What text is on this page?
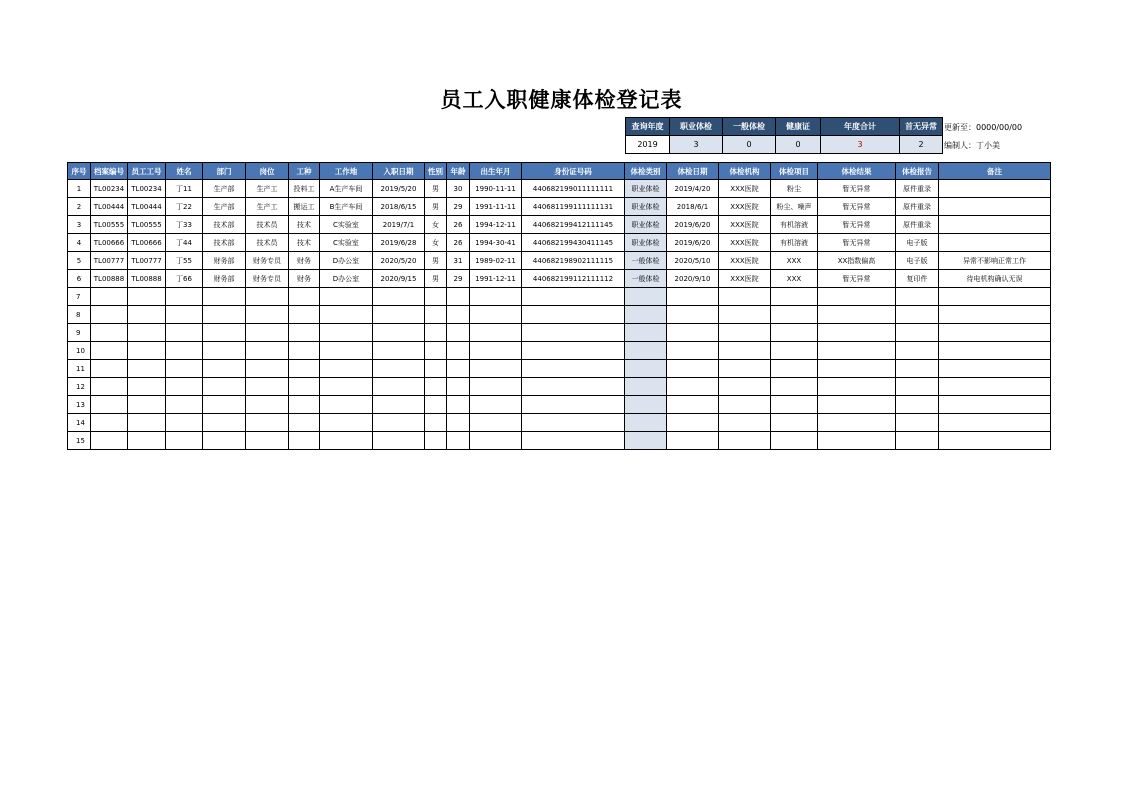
员工入职健康体检登记表
查询年度	职业体检	一般体检	健康证	年度合计	首无异常
2019	3	0	0	3	2
更新至：0000/00/00
编制人：丁小美
序号	档案编号	员工工号	姓名	部门	岗位	工种	工作地	入职日期	性别	年龄	出生年月	身份证号码	体检类别	体检日期	体检机构	体检项目	体检结果	体检报告	备注
1	TL00234	TL00234	丁11	生产部	生产工	投料工	A生产车间	2019/5/20	男	30	1990-11-11	440682199011111111	职业体检	2019/4/20	XXX医院	粉尘	暂无异常	原件重录	
2	TL00444	TL00444	丁22	生产部	生产工	搬运工	B生产车间	2018/6/15	男	29	1991-11-11	440681199111111131	职业体检	2018/6/1	XXX医院	粉尘、噪声	暂无异常	原件重录	
3	TL00555	TL00555	丁33	技术部	技术员	技术	C实验室	2019/7/1	女	26	1994-12-11	440682199412111145	职业体检	2019/6/20	XXX医院	有机溶液	暂无异常	原件重录	
4	TL00666	TL00666	丁44	技术部	技术员	技术	C实验室	2019/6/28	女	26	1994-30-41	440682199430411145	职业体检	2019/6/20	XXX医院	有机溶液	暂无异常	电子版	
5	TL00777	TL00777	丁55	财务部	财务专员	财务	D办公室	2020/5/20	男	31	1989-02-11	440682198902111115	一般体检	2020/5/10	XXX医院	XXX	XX指数偏高	电子版	异常不影响正常工作
6	TL00888	TL00888	丁66	财务部	财务专员	财务	D办公室	2020/9/15	男	29	1991-12-11	440682199112111112	一般体检	2020/9/10	XXX医院	XXX	暂无异常	复印件	待电机构确认无误
7																			
8																			
9																			
10																			
11																			
12																			
13																			
14																			
15																			
